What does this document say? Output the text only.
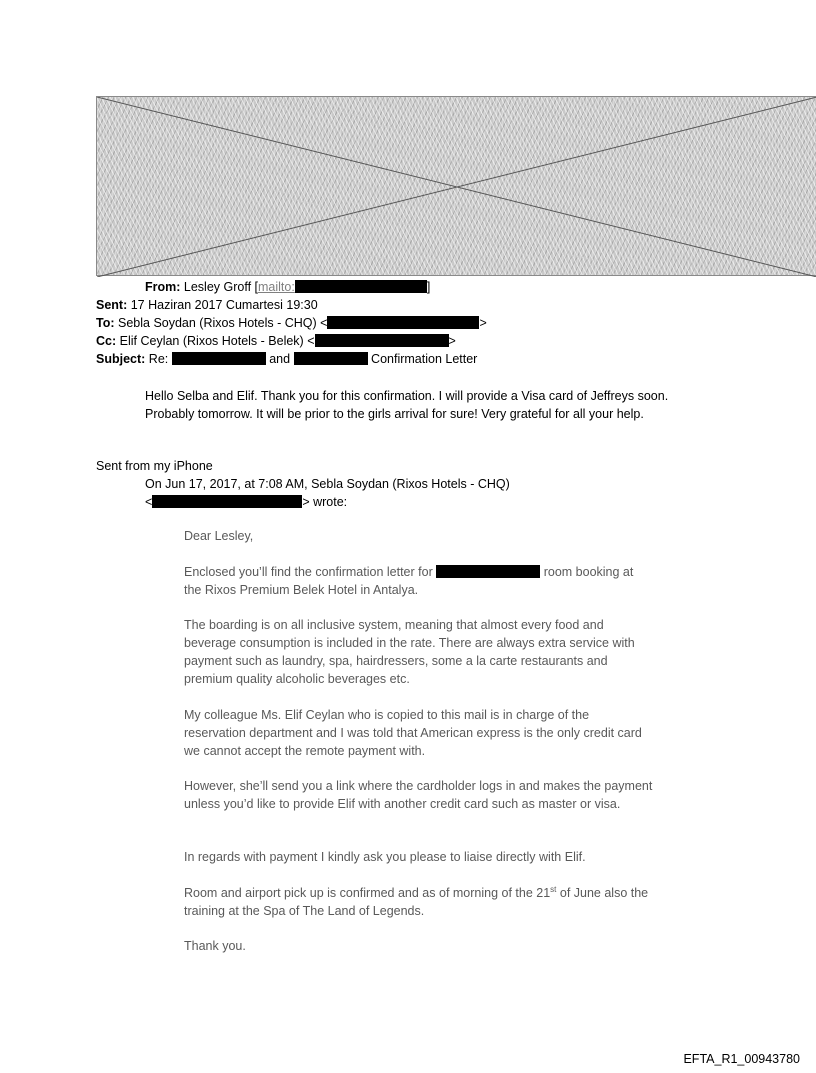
From: Lesley Groff [mailto:	]
Sent: 17 Haziran 2017 Cumartesi 19:30
To: Sebla Soydan (Rixos Hotels - CHQ) <	>
Cc: Elif Ceylan (Rixos Hotels - Belek) <	>
Subject: Re:	and	Confirmation Letter
Hello Selba and Elif. Thank you for this confirmation. I will provide a Visa card of Jeffreys soon. Probably tomorrow. It will be prior to the girls arrival for sure! Very grateful for all your help.
Sent from my iPhone
On Jun 17, 2017, at 7:08 AM, Sebla Soydan (Rixos Hotels - CHQ)
<	> wrote:
Dear Lesley,
Enclosed you’ll find the confirmation letter for	room booking at the Rixos Premium Belek Hotel in Antalya.
The boarding is on all inclusive system, meaning that almost every food and beverage consumption is included in the rate. There are always extra service with payment such as laundry, spa, hairdressers, some a la carte restaurants and premium quality alcoholic beverages etc.
My colleague Ms. Elif Ceylan who is copied to this mail is in charge of the reservation department and I was told that American express is the only credit card we cannot accept the remote payment with.
However, she’ll send you a link where the cardholder logs in and makes the payment unless you’d like to provide Elif with another credit card such as master or visa.
In regards with payment I kindly ask you please to liaise directly with Elif.
Room and airport pick up is confirmed and as of morning of the 21st of June also the training at the Spa of The Land of Legends.
Thank you.
EFTA_R1_00943780
